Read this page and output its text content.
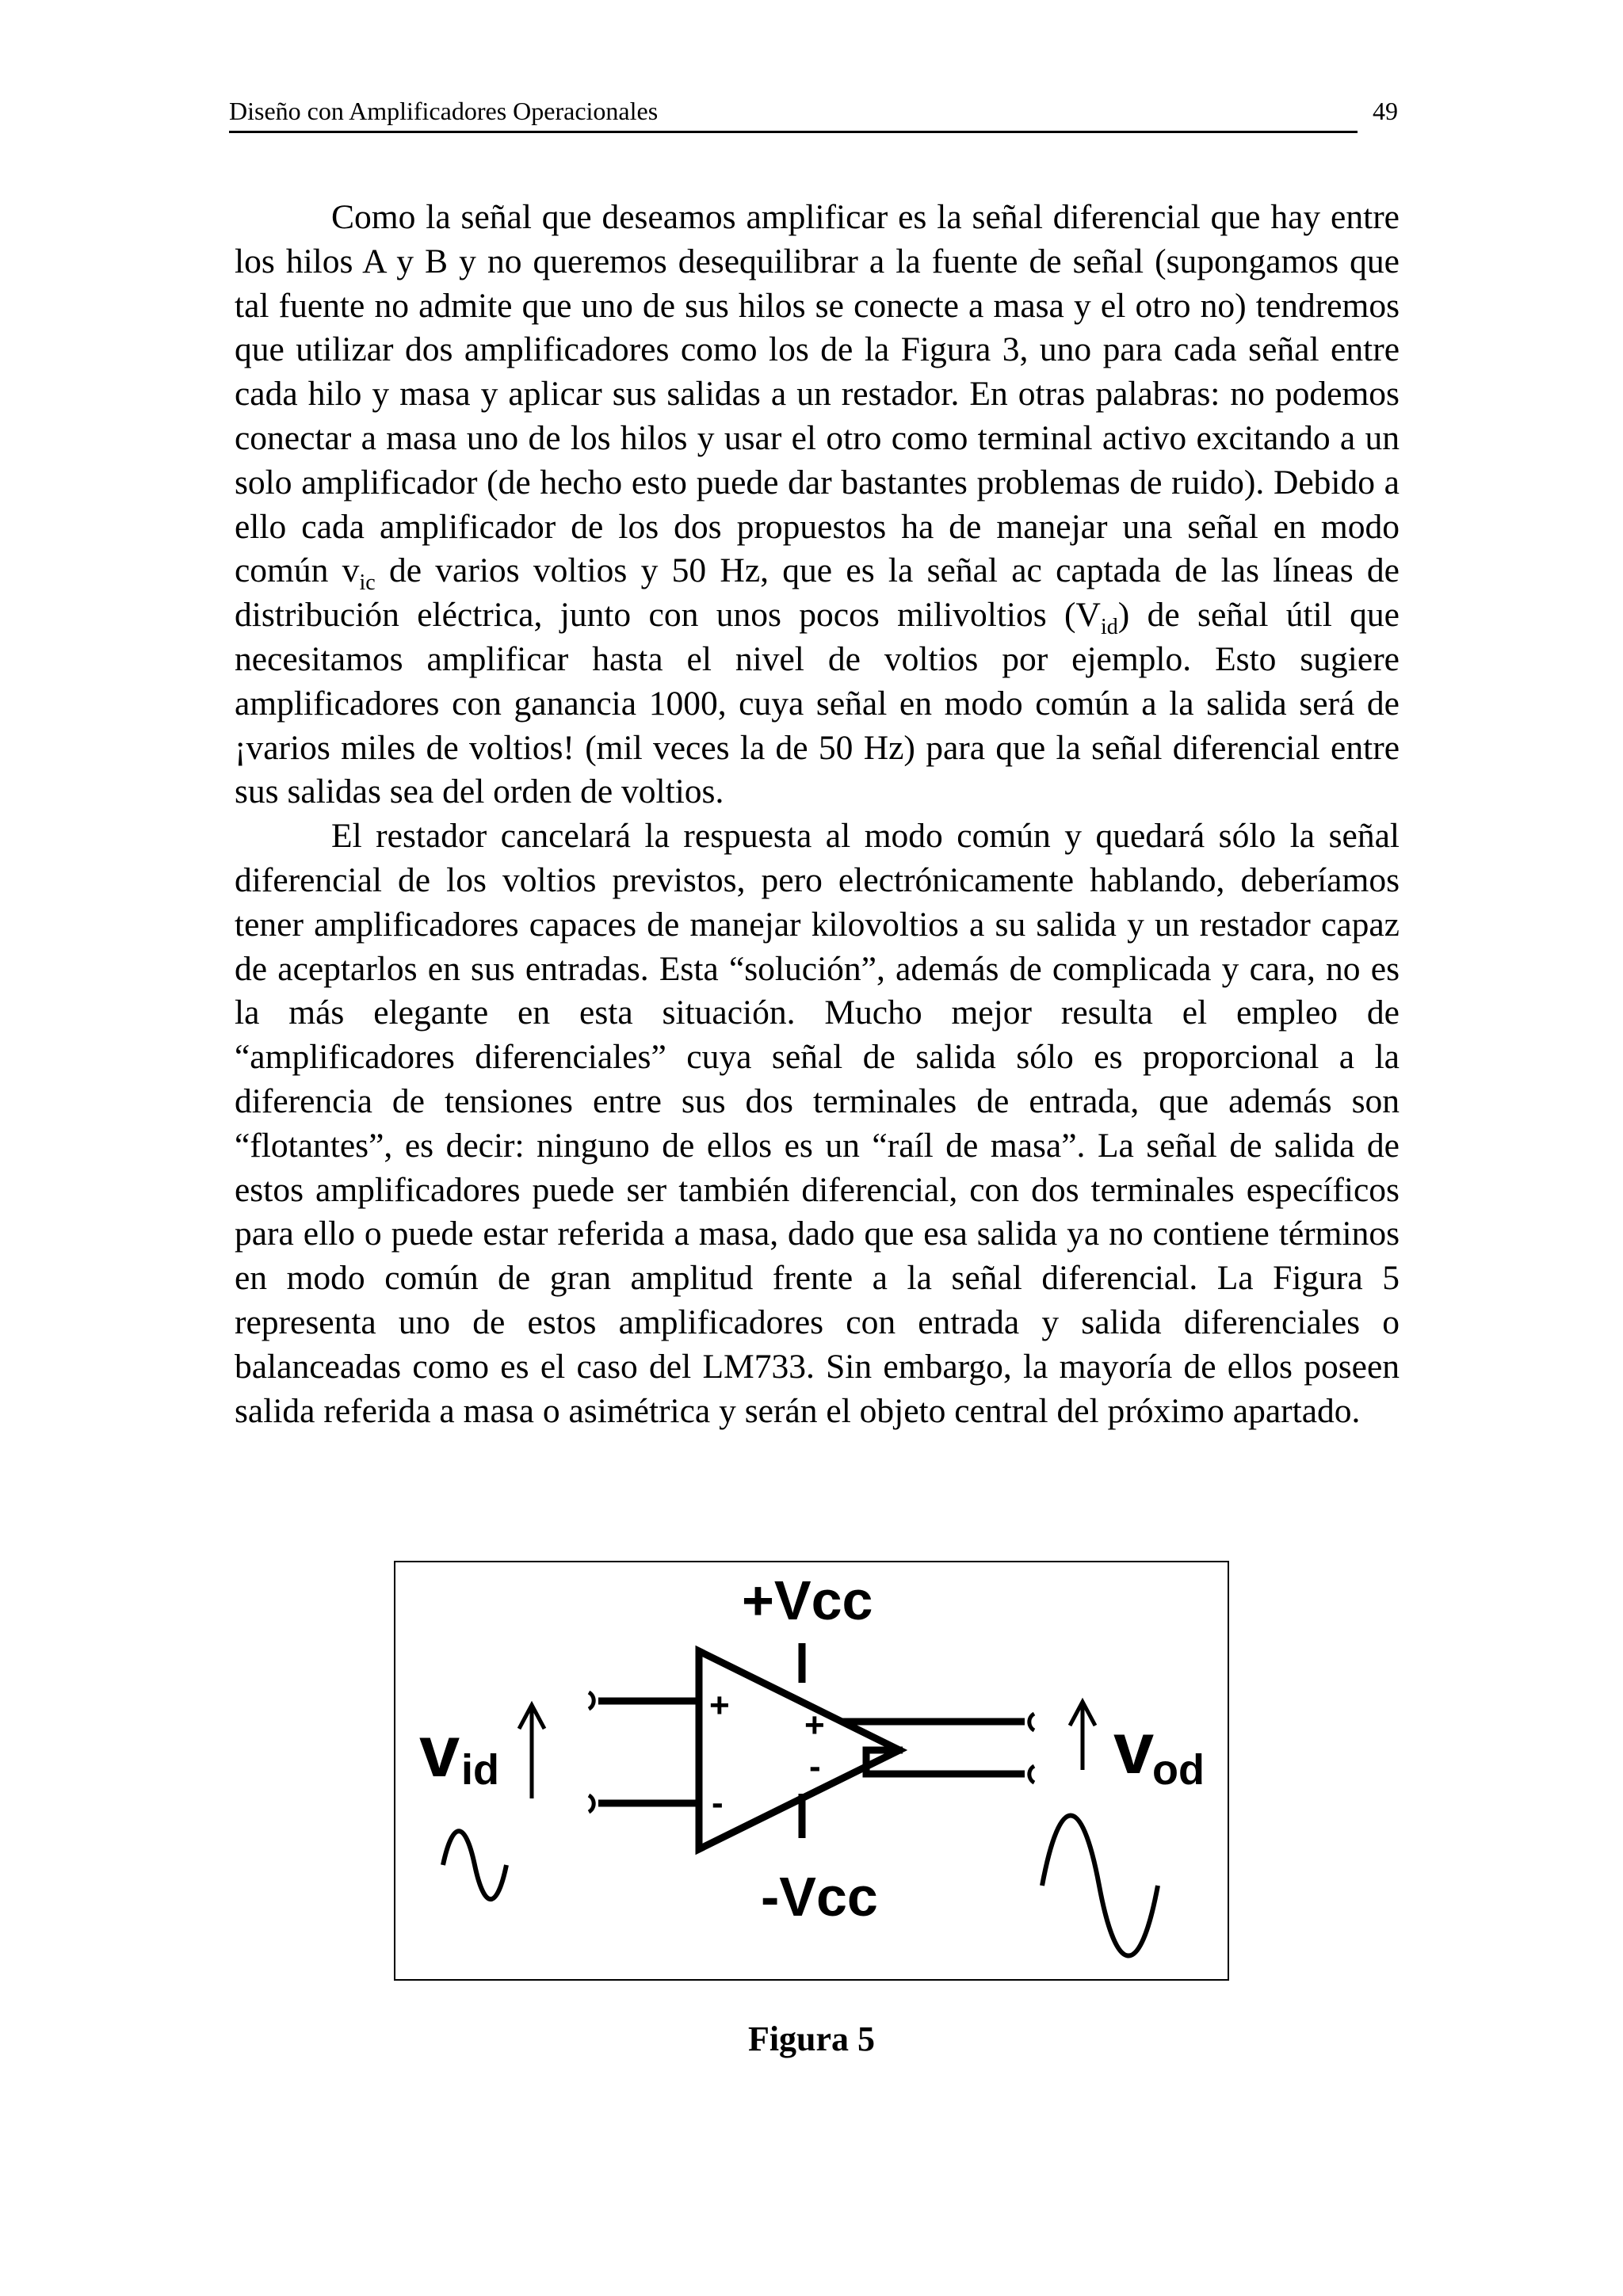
Diseño con Amplificadores Operacionales	49

Como la señal que deseamos amplificar es la señal diferencial que hay entre los hilos A y B y no queremos desequilibrar a la fuente de señal (supongamos que tal fuente no admite que uno de sus hilos se conecte a masa y el otro no) tendremos que utilizar dos amplificadores como los de la Figura 3, uno para cada señal entre cada hilo y masa y aplicar sus salidas a un restador. En otras palabras: no podemos conectar a masa uno de los hilos y usar el otro como terminal activo excitando a un solo amplificador (de hecho esto puede dar bastantes problemas de ruido). Debido a ello cada amplificador de los dos propuestos ha de manejar una señal en modo común $v_{ic}$ de varios voltios y 50 Hz, que es la señal ac captada de las líneas de distribución eléctrica, junto con unos pocos milivoltios $(V_{id})$ de señal útil que necesitamos amplificar hasta el nivel de voltios por ejemplo. Esto sugiere amplificadores con ganancia 1000, cuya señal en modo común a la salida será de ¡varios miles de voltios! (mil veces la de 50 Hz) para que la señal diferencial entre sus salidas sea del orden de voltios.

El restador cancelará la respuesta al modo común y quedará sólo la señal diferencial de los voltios previstos, pero electrónicamente hablando, deberíamos tener amplificadores capaces de manejar kilovoltios a su salida y un restador capaz de aceptarlos en sus entradas. Esta “solución”, además de complicada y cara, no es la más elegante en esta situación. Mucho mejor resulta el empleo de “amplificadores diferenciales” cuya señal de salida sólo es proporcional a la diferencia de tensiones entre sus dos terminales de entrada, que además son “flotantes”, es decir: ninguno de ellos es un “raíl de masa”. La señal de salida de estos amplificadores puede ser también diferencial, con dos terminales específicos para ello o puede estar referida a masa, dado que esa salida ya no contiene términos en modo común de gran amplitud frente a la señal diferencial. La Figura 5 representa uno de estos amplificadores con entrada y salida diferenciales o balanceadas como es el caso del LM733. Sin embargo, la mayoría de ellos poseen salida referida a masa o asimétrica y serán el objeto central del próximo apartado.

+Vcc
-Vcc
+
-
+
-
v id	v
od
Figura 5
